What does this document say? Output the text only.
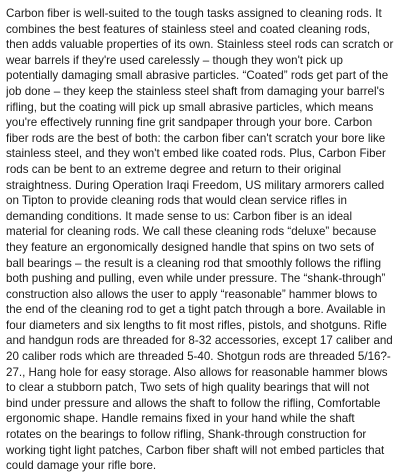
Carbon fiber is well-suited to the tough tasks assigned to cleaning rods. It
combines the best features of stainless steel and coated cleaning rods,
then adds valuable properties of its own. Stainless steel rods can scratch or
wear barrels if they're used carelessly – though they won't pick up
potentially damaging small abrasive particles. “Coated” rods get part of the
job done – they keep the stainless steel shaft from damaging your barrel's
rifling, but the coating will pick up small abrasive particles, which means
you're effectively running fine grit sandpaper through your bore. Carbon
fiber rods are the best of both: the carbon fiber can't scratch your bore like
stainless steel, and they won't embed like coated rods. Plus, Carbon Fiber
rods can be bent to an extreme degree and return to their original
straightness. During Operation Iraqi Freedom, US military armorers called
on Tipton to provide cleaning rods that would clean service rifles in
demanding conditions. It made sense to us: Carbon fiber is an ideal
material for cleaning rods. We call these cleaning rods “deluxe” because
they feature an ergonomically designed handle that spins on two sets of
ball bearings – the result is a cleaning rod that smoothly follows the rifling
both pushing and pulling, even while under pressure. The “shank-through”
construction also allows the user to apply “reasonable” hammer blows to
the end of the cleaning rod to get a tight patch through a bore. Available in
four diameters and six lengths to fit most rifles, pistols, and shotguns. Rifle
and handgun rods are threaded for 8-32 accessories, except 17 caliber and
20 caliber rods which are threaded 5-40. Shotgun rods are threaded 5/16?-
27., Hang hole for easy storage. Also allows for reasonable hammer blows
to clear a stubborn patch, Two sets of high quality bearings that will not
bind under pressure and allows the shaft to follow the rifling, Comfortable
ergonomic shape. Handle remains fixed in your hand while the shaft
rotates on the bearings to follow rifling, Shank-through construction for
working tight light patches, Carbon fiber shaft will not embed particles that
could damage your rifle bore.
